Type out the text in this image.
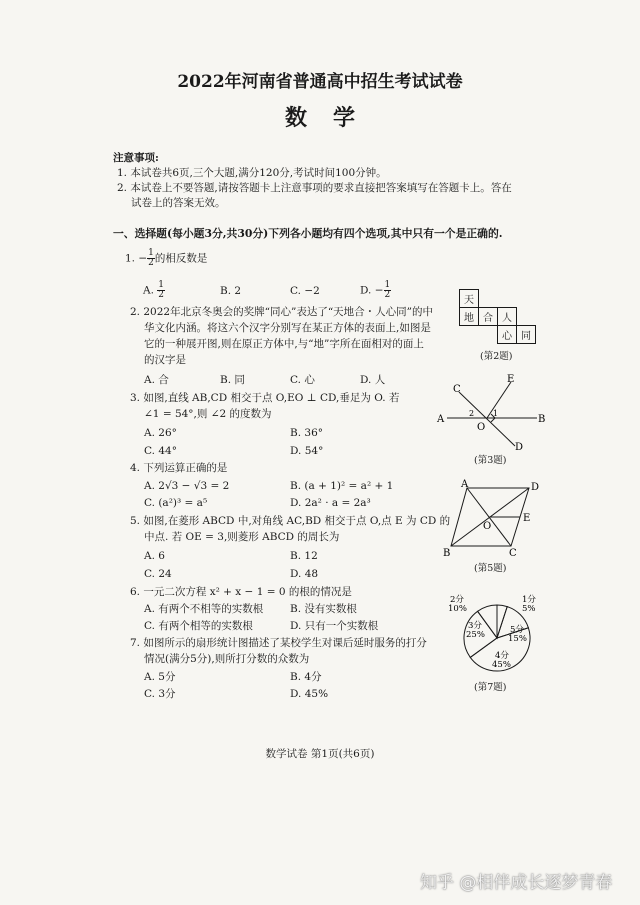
2022年河南省普通高中招生考试试卷
数学
注意事项:
1. 本试卷共6页,三个大题,满分120分,考试时间100分钟。
2. 本试卷上不要答题,请按答题卡上注意事项的要求直接把答案填写在答题卡上。答在
试卷上的答案无效。
一、选择题(每小题3分,共30分)下列各小题均有四个选项,其中只有一个是正确的.
1. − $\frac{1}{2}$ 的相反数是
A. $\frac{1}{2}$	B. 2	C. −2	D. − $\frac{1}{2}$
2. 2022年北京冬奥会的奖牌“同心”表达了“天地合・人心同”的中
华文化内涵。将这六个汉字分别写在某正方体的表面上,如图是
它的一种展开图,则在原正方体中,与“地”字所在面相对的面上
的汉字是
A. 合	B. 同	C. 心	D. 人
天			
地	合	人	
		心	同
(第2题)
3. 如图,直线 AB,CD 相交于点 O,EO ⊥ CD,垂足为 O. 若
∠1 = 54°,则 ∠2 的度数为
A. 26°	B. 36°
C. 44°	D. 54°
C
E
A
O
B
D
2 1
(第3题)
4. 下列运算正确的是
A. 2√3 − √3 = 2	B. (a + 1)² = a² + 1
C. (a²)³ = a⁵	D. 2a² · a = 2a³
5. 如图,在菱形 ABCD 中,对角线 AC,BD 相交于点 O,点 E 为 CD 的
中点. 若 OE = 3,则菱形 ABCD 的周长为
A. 6	B. 12
C. 24	D. 48
A	D
O
E
B	C
(第5题)
6. 一元二次方程 x² + x − 1 = 0 的根的情况是
A. 有两个不相等的实数根	B. 没有实数根
C. 有两个相等的实数根	D. 只有一个实数根
7. 如图所示的扇形统计图描述了某校学生对课后延时服务的打分
情况(满分5分),则所打分数的众数为
A. 5分	B. 4分
C. 3分	D. 45%
2分
10%
1分
5%
3分
25%	5分
15%
4分
45%
(第7题)
数学试卷 第1页(共6页)
知乎 @相伴成长逐梦青春
